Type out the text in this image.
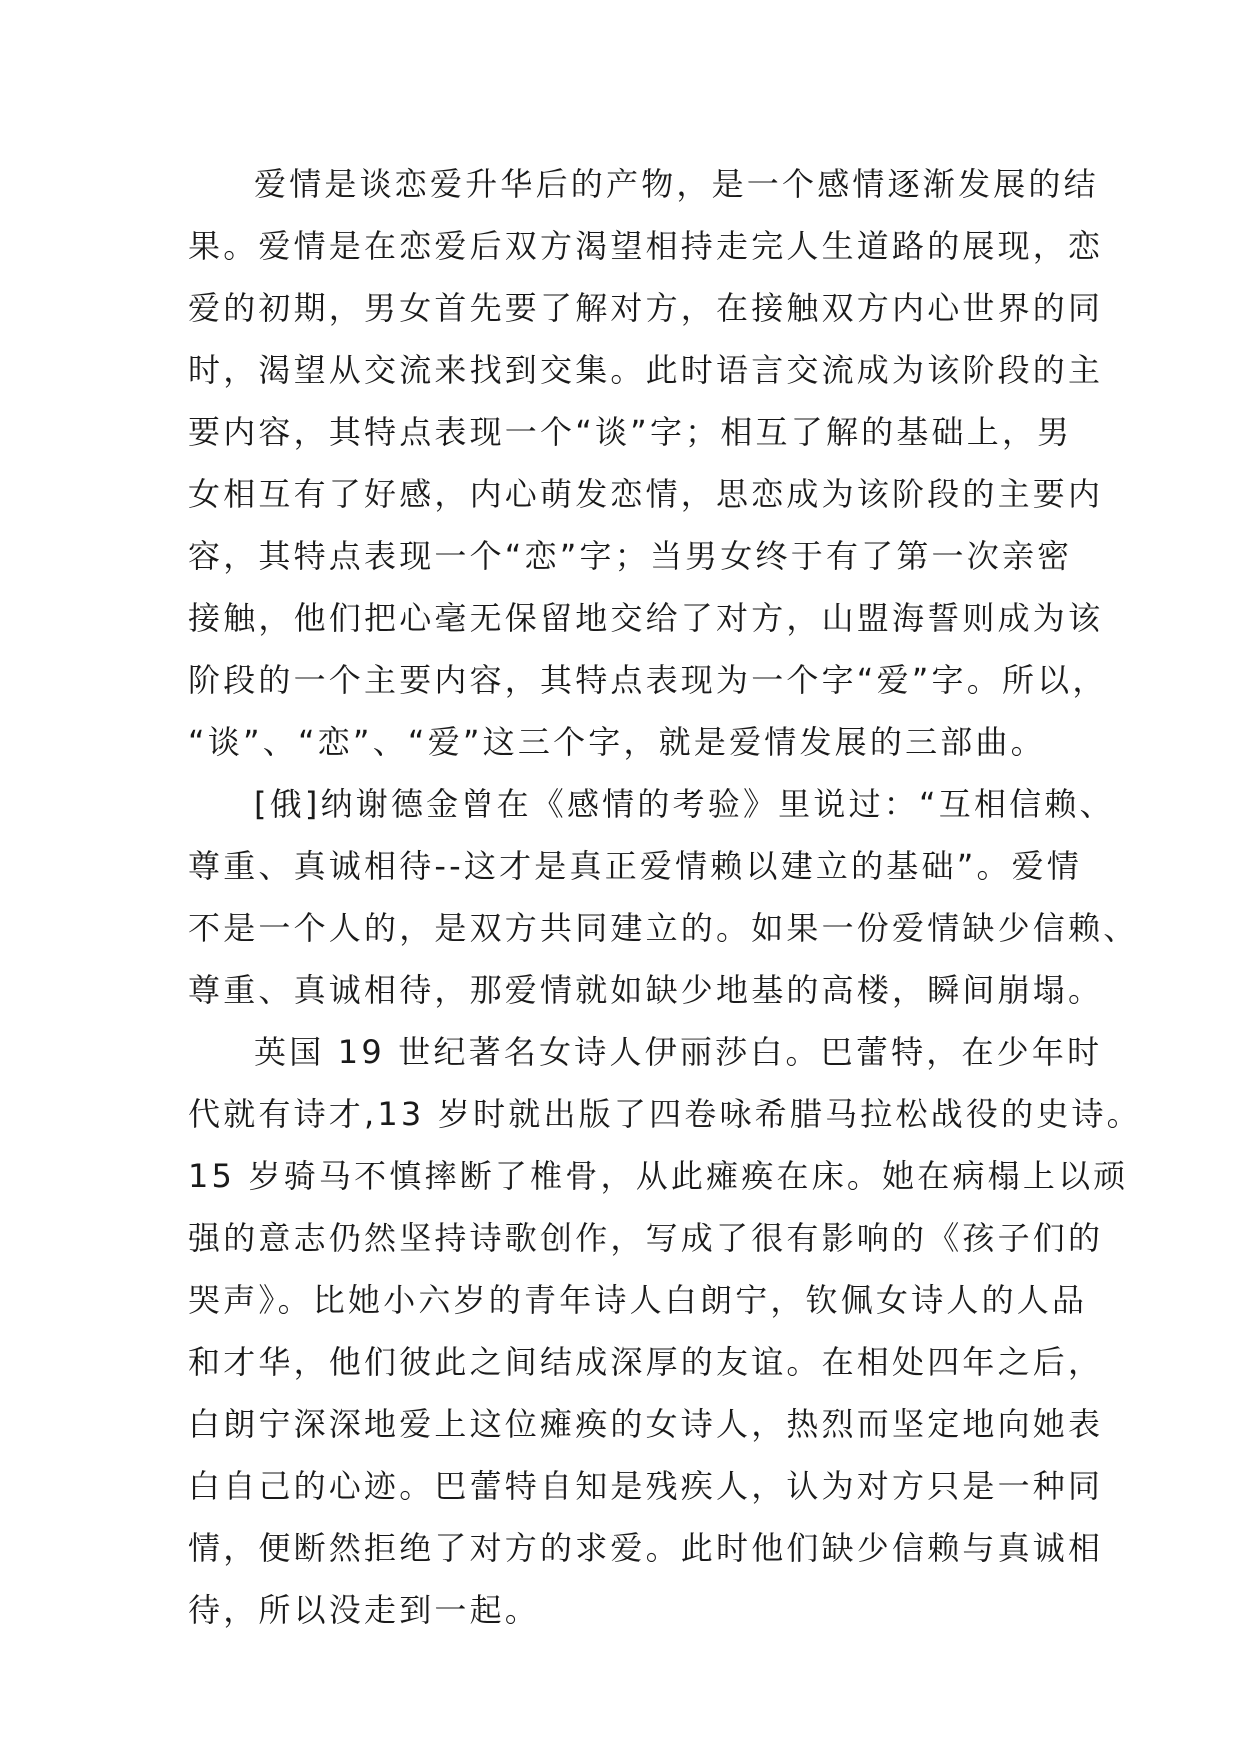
爱情是谈恋爱升华后的产物，是一个感情逐渐发展的结
果。爱情是在恋爱后双方渴望相持走完人生道路的展现，恋
爱的初期，男女首先要了解对方，在接触双方内心世界的同
时，渴望从交流来找到交集。此时语言交流成为该阶段的主
要内容，其特点表现一个“谈”字；相互了解的基础上，男
女相互有了好感，内心萌发恋情，思恋成为该阶段的主要内
容，其特点表现一个“恋”字；当男女终于有了第一次亲密
接触，他们把心毫无保留地交给了对方，山盟海誓则成为该
阶段的一个主要内容，其特点表现为一个字“爱”字。所以，
“谈”、“恋”、“爱”这三个字，就是爱情发展的三部曲。
[俄]纳谢德金曾在《感情的考验》里说过：“互相信赖、
尊重、真诚相待--这才是真正爱情赖以建立的基础”。爱情
不是一个人的，是双方共同建立的。如果一份爱情缺少信赖、
尊重、真诚相待，那爱情就如缺少地基的高楼，瞬间崩塌。
英国 19 世纪著名女诗人伊丽莎白。巴蕾特，在少年时
代就有诗才,13 岁时就出版了四卷咏希腊马拉松战役的史诗。
15 岁骑马不慎摔断了椎骨，从此瘫痪在床。她在病榻上以顽
强的意志仍然坚持诗歌创作，写成了很有影响的《孩子们的
哭声》。比她小六岁的青年诗人白朗宁，钦佩女诗人的人品
和才华，他们彼此之间结成深厚的友谊。在相处四年之后，
白朗宁深深地爱上这位瘫痪的女诗人，热烈而坚定地向她表
白自己的心迹。巴蕾特自知是残疾人，认为对方只是一种同
情，便断然拒绝了对方的求爱。此时他们缺少信赖与真诚相
待，所以没走到一起。
